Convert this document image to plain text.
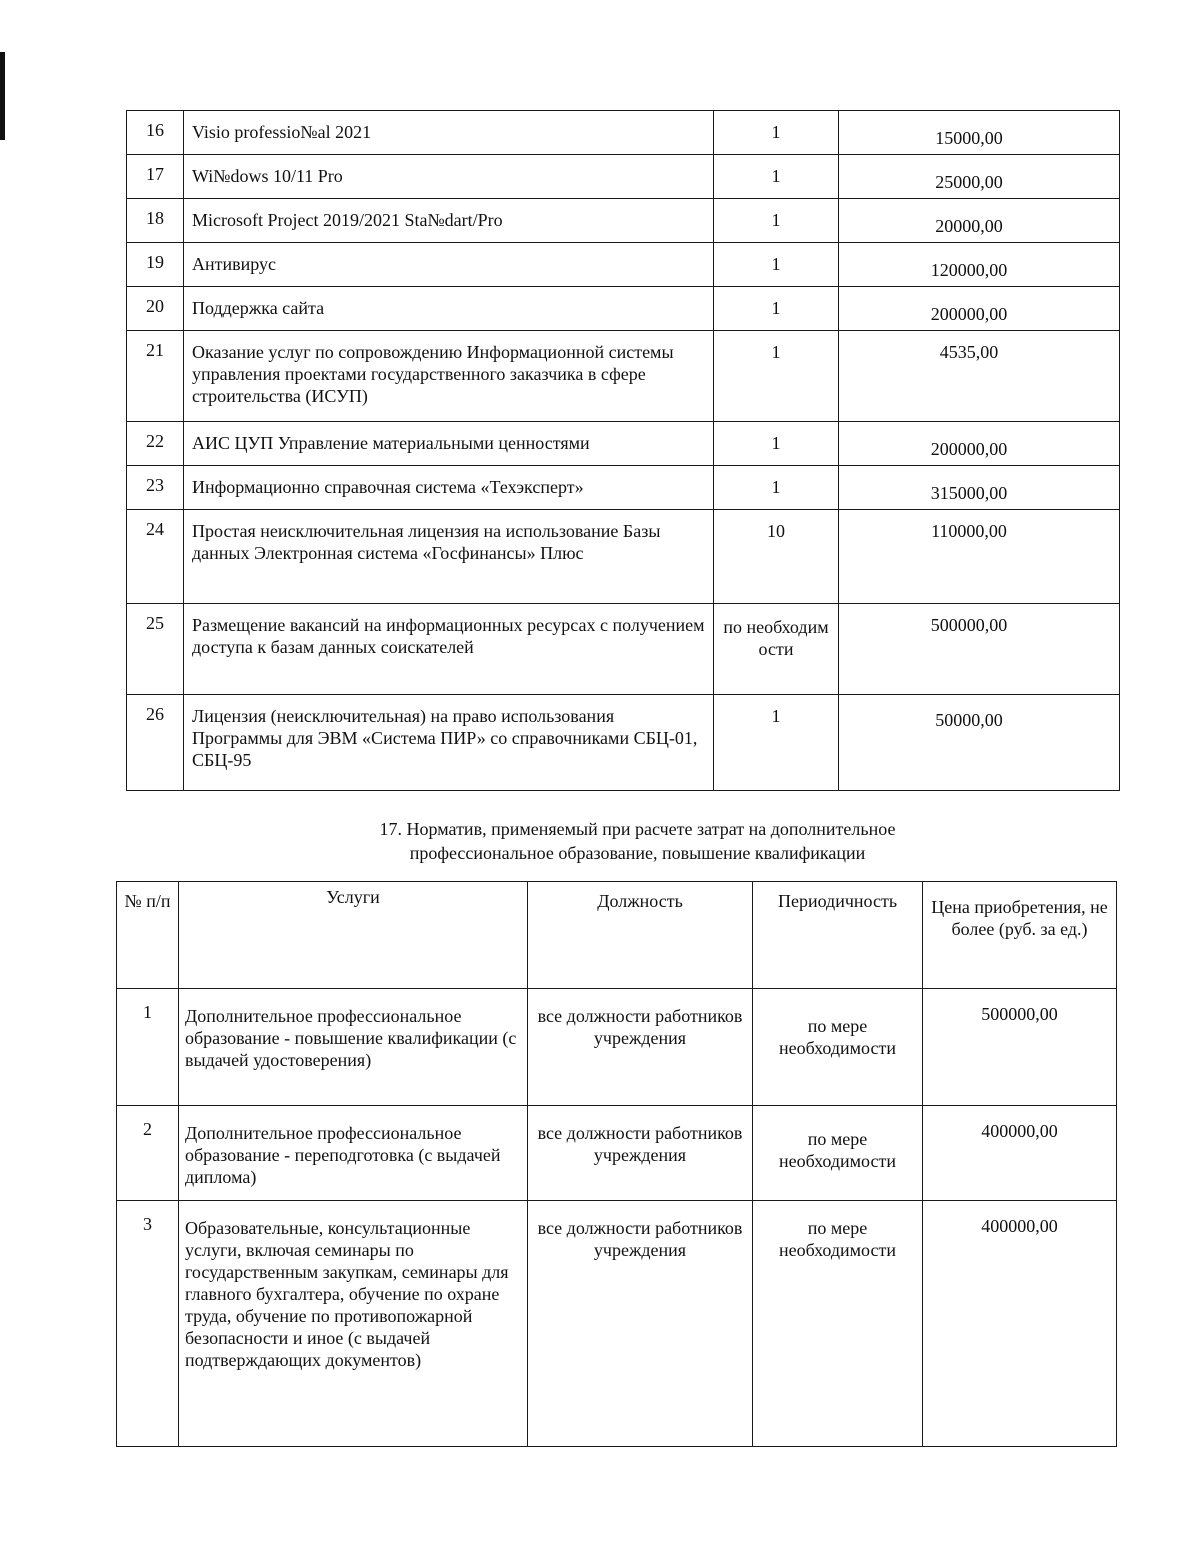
16	Visio professio№al 2021	1	15000,00
17	Wi№dows 10/11 Pro	1	25000,00
18	Microsoft Project 2019/2021 Sta№dart/Pro	1	20000,00
19	Антивирус	1	120000,00
20	Поддержка сайта	1	200000,00
21	Оказание услуг по сопровождению Информационной системы управления проектами государственного заказчика в сфере строительства (ИСУП)	1	4535,00
22	АИС ЦУП Управление материальными ценностями	1	200000,00
23	Информационно справочная система «Техэксперт»	1	315000,00
24	Простая неисключительная лицензия на использование Базы данных Электронная система «Госфинансы» Плюс	10	110000,00
25	Размещение вакансий на информационных ресурсах с получением доступа к базам данных соискателей	по необходим ости	500000,00
26	Лицензия (неисключительная) на право использования Программы для ЭВМ «Система ПИР» со справочниками СБЦ-01, СБЦ-95	1	50000,00
17. Норматив, применяемый при расчете затрат на дополнительное
профессиональное образование, повышение квалификации
№ п/п	Услуги	Должность	Периодичность	Цена приобретения, не более (руб. за ед.)
1	Дополнительное профессиональное образование - повышение квалификации (с выдачей удостоверения)	все должности работников учреждения	по мере необходимости	500000,00
2	Дополнительное профессиональное образование - переподготовка (с выдачей диплома)	все должности работников учреждения	по мере необходимости	400000,00
3	Образовательные, консультационные услуги, включая семинары по государственным закупкам, семинары для главного бухгалтера, обучение по охране труда, обучение по противопожарной безопасности и иное (с выдачей подтверждающих документов)	все должности работников учреждения	по мере необходимости	400000,00
